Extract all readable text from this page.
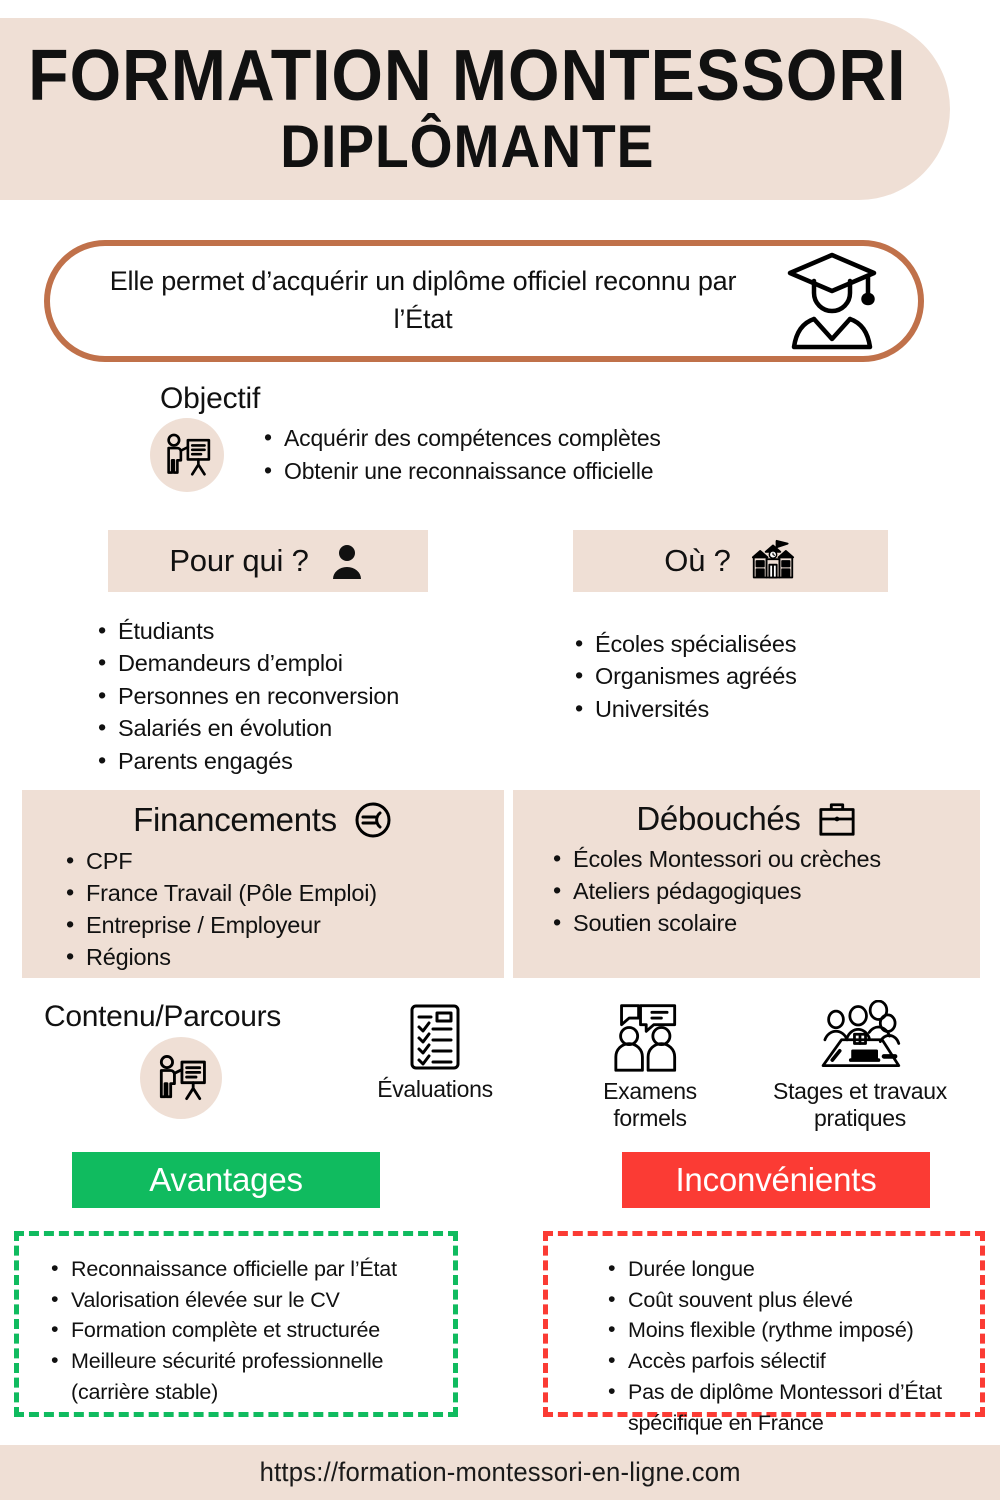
FORMATION MONTESSORI
DIPLÔMANTE
Elle permet d’acquérir un diplôme officiel reconnu par l’État
Objectif
• Acquérir des compétences complètes
• Obtenir une reconnaissance officielle
Pour qui ?
• Étudiants
• Demandeurs d’emploi
• Personnes en reconversion
• Salariés en évolution
• Parents engagés
Où ?
• Écoles spécialisées
• Organismes agréés
• Universités
Financements
• CPF
• France Travail (Pôle Emploi)
• Entreprise / Employeur
• Régions
Débouchés
• Écoles Montessori ou crèches
• Ateliers pédagogiques
• Soutien scolaire
Contenu/Parcours
Évaluations	Examens formels
Stages et travaux pratiques
Avantages
• Reconnaissance officielle par l’État
• Valorisation élevée sur le CV
• Formation complète et structurée
• Meilleure sécurité professionnelle (carrière stable)
Inconvénients
• Durée longue
• Coût souvent plus élevé
• Moins flexible (rythme imposé)
• Accès parfois sélectif
• Pas de diplôme Montessori d’État spécifique en France
https://formation-montessori-en-ligne.com
